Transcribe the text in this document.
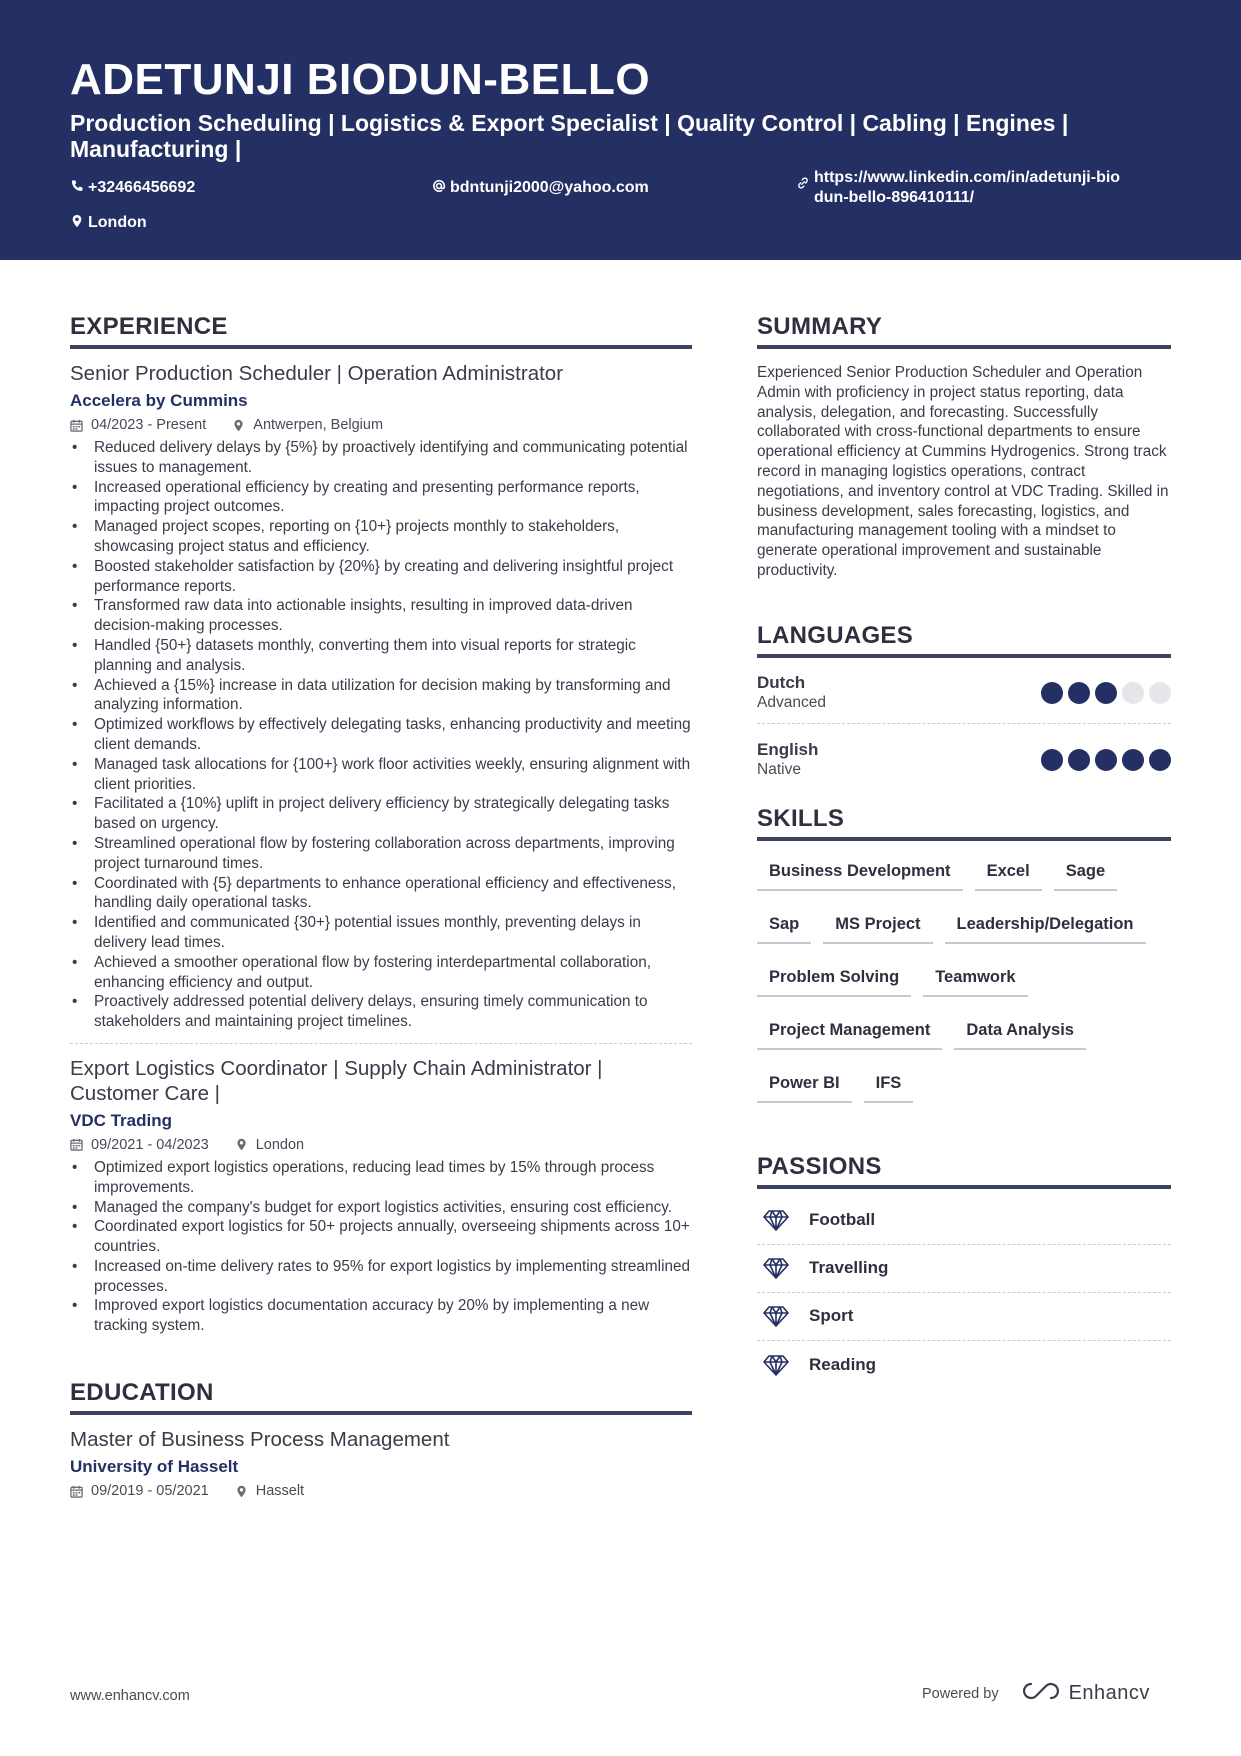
ADETUNJI BIODUN-BELLO
Production Scheduling | Logistics & Export Specialist | Quality Control | Cabling | Engines | Manufacturing |
+32466456692	bdntunji2000@yahoo.com
https://www.linkedin.com/in/adetunji-biodun-bello-896410111/
London
EXPERIENCE
Senior Production Scheduler | Operation Administrator
Accelera by Cummins
04/2023 - Present	Antwerpen, Belgium
• Reduced delivery delays by {5%} by proactively identifying and communicating potential issues to management.
• Increased operational efficiency by creating and presenting performance reports, impacting project outcomes.
• Managed project scopes, reporting on {10+} projects monthly to stakeholders, showcasing project status and efficiency.
• Boosted stakeholder satisfaction by {20%} by creating and delivering insightful project performance reports.
• Transformed raw data into actionable insights, resulting in improved data-driven decision-making processes.
• Handled {50+} datasets monthly, converting them into visual reports for strategic planning and analysis.
• Achieved a {15%} increase in data utilization for decision making by transforming and analyzing information.
• Optimized workflows by effectively delegating tasks, enhancing productivity and meeting client demands.
• Managed task allocations for {100+} work floor activities weekly, ensuring alignment with client priorities.
• Facilitated a {10%} uplift in project delivery efficiency by strategically delegating tasks based on urgency.
• Streamlined operational flow by fostering collaboration across departments, improving project turnaround times.
• Coordinated with {5} departments to enhance operational efficiency and effectiveness, handling daily operational tasks.
• Identified and communicated {30+} potential issues monthly, preventing delays in delivery lead times.
• Achieved a smoother operational flow by fostering interdepartmental collaboration, enhancing efficiency and output.
• Proactively addressed potential delivery delays, ensuring timely communication to stakeholders and maintaining project timelines.
Export Logistics Coordinator | Supply Chain Administrator | Customer Care |
VDC Trading
09/2021 - 04/2023	London
• Optimized export logistics operations, reducing lead times by 15% through process improvements.
• Managed the company's budget for export logistics activities, ensuring cost efficiency.
• Coordinated export logistics for 50+ projects annually, overseeing shipments across 10+ countries.
• Increased on-time delivery rates to 95% for export logistics by implementing streamlined processes.
• Improved export logistics documentation accuracy by 20% by implementing a new tracking system.
EDUCATION
Master of Business Process Management
University of Hasselt
09/2019 - 05/2021	Hasselt
SUMMARY
Experienced Senior Production Scheduler and Operation Admin with proficiency in project status reporting, data analysis, delegation, and forecasting. Successfully collaborated with cross-functional departments to ensure operational efficiency at Cummins Hydrogenics. Strong track record in managing logistics operations, contract negotiations, and inventory control at VDC Trading. Skilled in business development, sales forecasting, logistics, and manufacturing management tooling with a mindset to generate operational improvement and sustainable productivity.
LANGUAGES
Dutch
Advanced
English
Native
SKILLS
Business Development	Excel	Sage
Sap	MS Project	Leadership/Delegation
Problem Solving	Teamwork
Project Management	Data Analysis
Power BI	IFS
PASSIONS
Football
Travelling
Sport
Reading
www.enhancv.com	Powered by	Enhancv
